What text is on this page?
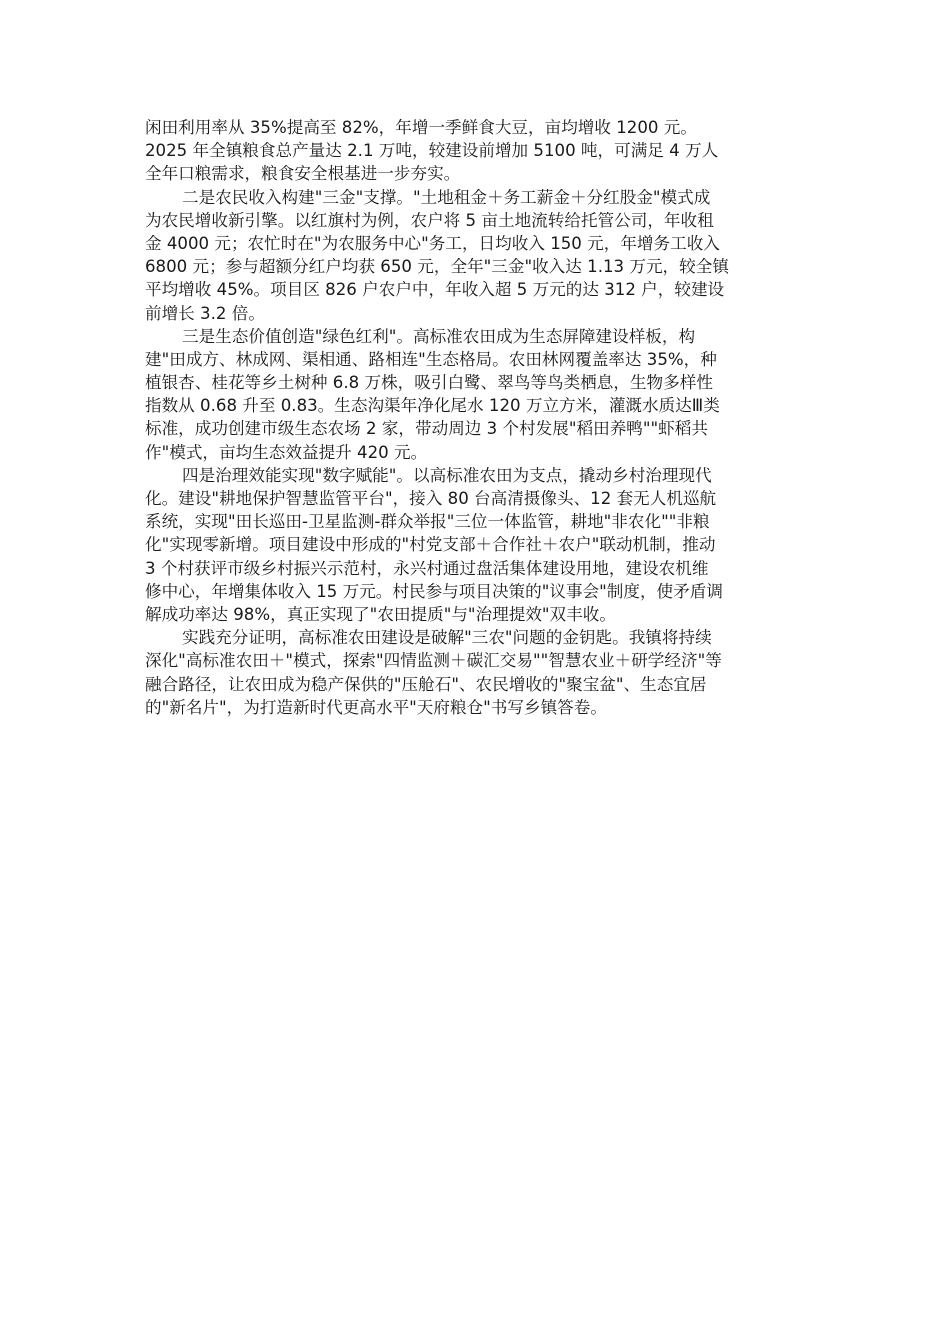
闲田利用率从 35%提高至 82%，年增一季鲜食大豆，亩均增收 1200 元。
2025 年全镇粮食总产量达 2.1 万吨，较建设前增加 5100 吨，可满足 4 万人
全年口粮需求，粮食安全根基进一步夯实。
二是农民收入构建"三金"支撑。"土地租金＋务工薪金＋分红股金"模式成
为农民增收新引擎。以红旗村为例，农户将 5 亩土地流转给托管公司，年收租
金 4000 元；农忙时在"为农服务中心"务工，日均收入 150 元，年增务工收入
6800 元；参与超额分红户均获 650 元，全年"三金"收入达 1.13 万元，较全镇
平均增收 45%。项目区 826 户农户中，年收入超 5 万元的达 312 户，较建设
前增长 3.2 倍。
三是生态价值创造"绿色红利"。高标准农田成为生态屏障建设样板，构
建"田成方、林成网、渠相通、路相连"生态格局。农田林网覆盖率达 35%，种
植银杏、桂花等乡土树种 6.8 万株，吸引白鹭、翠鸟等鸟类栖息，生物多样性
指数从 0.68 升至 0.83。生态沟渠年净化尾水 120 万立方米，灌溉水质达Ⅲ类
标准，成功创建市级生态农场 2 家，带动周边 3 个村发展"稻田养鸭""虾稻共
作"模式，亩均生态效益提升 420 元。
四是治理效能实现"数字赋能"。以高标准农田为支点，撬动乡村治理现代
化。建设"耕地保护智慧监管平台"，接入 80 台高清摄像头、12 套无人机巡航
系统，实现"田长巡田-卫星监测-群众举报"三位一体监管，耕地"非农化""非粮
化"实现零新增。项目建设中形成的"村党支部＋合作社＋农户"联动机制，推动
3 个村获评市级乡村振兴示范村，永兴村通过盘活集体建设用地，建设农机维
修中心，年增集体收入 15 万元。村民参与项目决策的"议事会"制度，使矛盾调
解成功率达 98%，真正实现了"农田提质"与"治理提效"双丰收。
实践充分证明，高标准农田建设是破解"三农"问题的金钥匙。我镇将持续
深化"高标准农田＋"模式，探索"四情监测＋碳汇交易""智慧农业＋研学经济"等
融合路径，让农田成为稳产保供的"压舱石"、农民增收的"聚宝盆"、生态宜居
的"新名片"，为打造新时代更高水平"天府粮仓"书写乡镇答卷。
